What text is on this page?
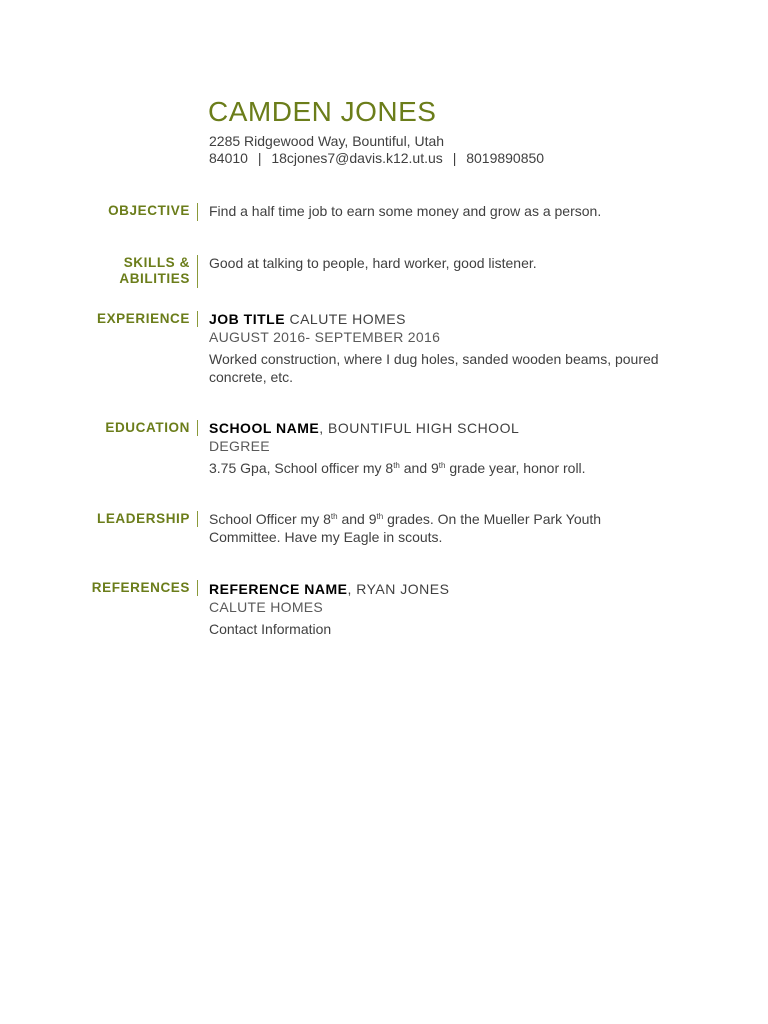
CAMDEN JONES
2285 Ridgewood Way, Bountiful, Utah
84010 | 18cjones7@davis.k12.ut.us | 8019890850
OBJECTIVE Find a half time job to earn some money and grow as a person.
SKILLS &
ABILITIES
Good at talking to people, hard worker, good listener.
EXPERIENCE JOB TITLE CALUTE HOMES
AUGUST 2016- SEPTEMBER 2016
Worked construction, where I dug holes, sanded wooden beams, poured concrete, etc.
EDUCATION SCHOOL NAME, BOUNTIFUL HIGH SCHOOL
DEGREE
3.75 Gpa, School officer my 8th and 9th grade year, honor roll.
LEADERSHIP School Officer my 8th and 9th grades. On the Mueller Park Youth Committee. Have my Eagle in scouts.
REFERENCES REFERENCE NAME, RYAN JONES
CALUTE HOMES
Contact Information
